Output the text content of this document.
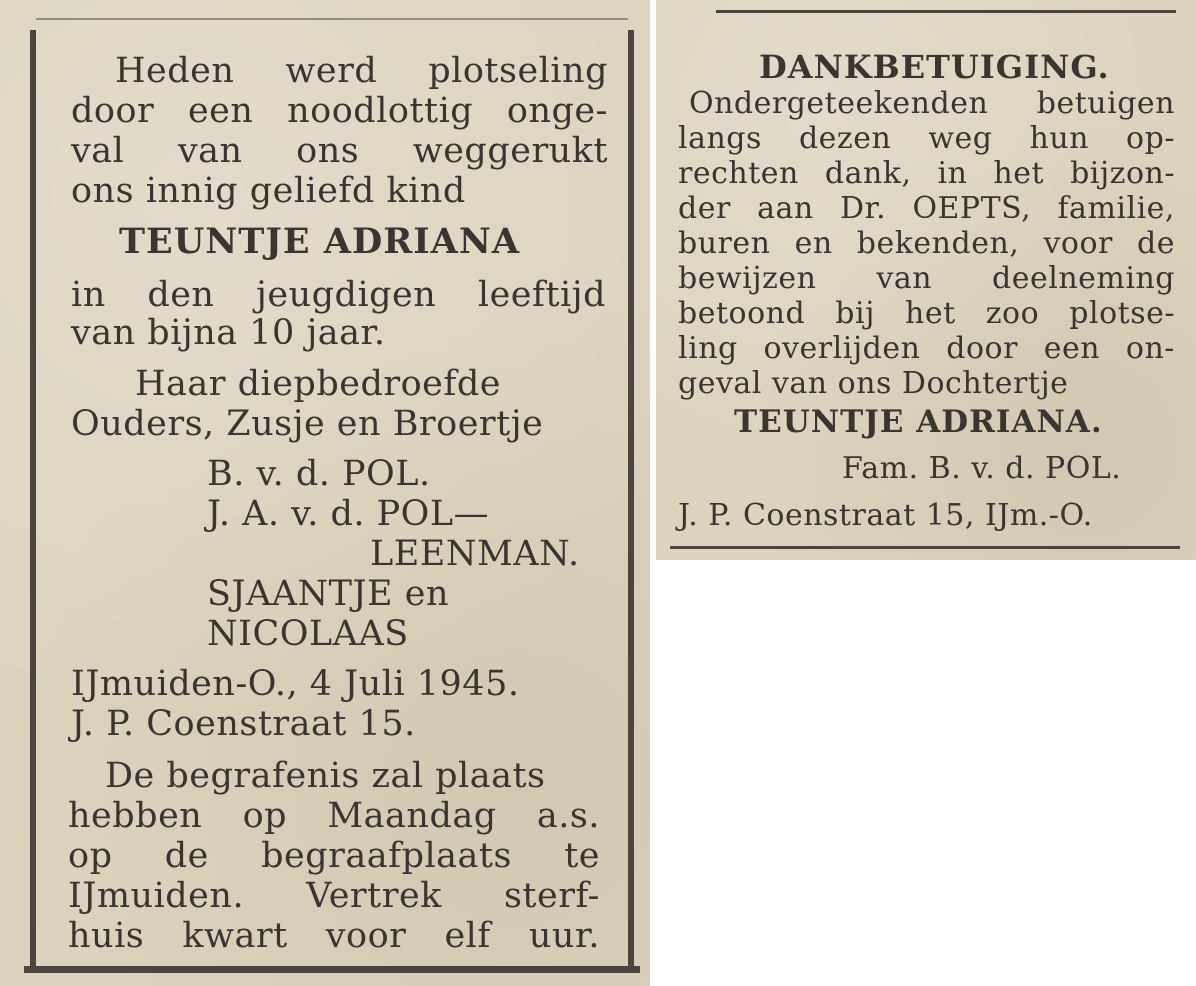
Heden werd plotseling
door een noodlottig onge-
val van ons weggerukt
ons innig geliefd kind
TEUNTJE ADRIANA
in den jeugdigen leeftijd
van bijna 10 jaar.
Haar diepbedroefde
Ouders, Zusje en Broertje
B. v. d. POL.
J. A. v. d. POL—
LEENMAN.
SJAANTJE en
NICOLAAS
IJmuiden-O., 4 Juli 1945.
J. P. Coenstraat 15.
De begrafenis zal plaats
hebben op Maandag a.s.
op de begraafplaats te
IJmuiden. Vertrek sterf-
huis kwart voor elf uur.
DANKBETUIGING.
Ondergeteekenden betuigen
langs dezen weg hun op-
rechten dank, in het bijzon-
der aan Dr. OEPTS, familie,
buren en bekenden, voor de
bewijzen van deelneming
betoond bij het zoo plotse-
ling overlijden door een on-
geval van ons Dochtertje
TEUNTJE ADRIANA.
Fam. B. v. d. POL.
J. P. Coenstraat 15, IJm.-O.
